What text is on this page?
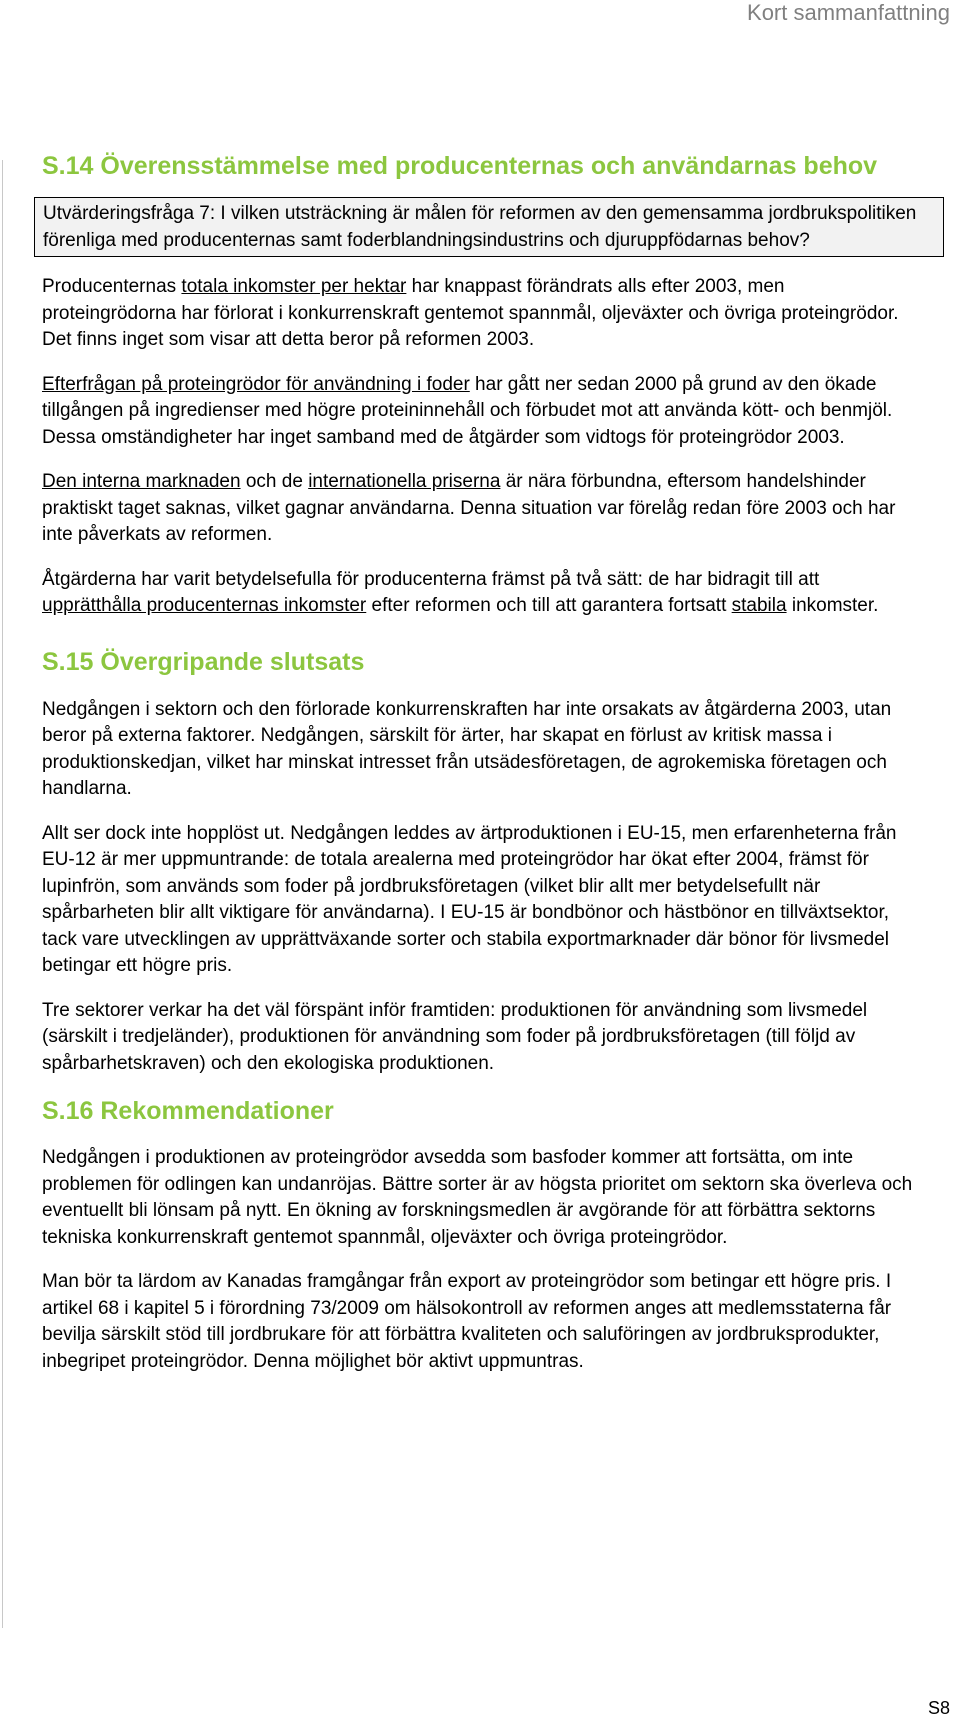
Kort sammanfattning
S.14 Överensstämmelse med producenternas och användarnas behov
Utvärderingsfråga 7: I vilken utsträckning är målen för reformen av den gemensamma jordbrukspolitiken förenliga med producenternas samt foderblandningsindustrins och djuruppfödarnas behov?

Producenternas totala inkomster per hektar har knappast förändrats alls efter 2003, men proteingrödorna har förlorat i konkurrenskraft gentemot spannmål, oljeväxter och övriga proteingrödor. Det finns inget som visar att detta beror på reformen 2003.

Efterfrågan på proteingrödor för användning i foder har gått ner sedan 2000 på grund av den ökade tillgången på ingredienser med högre proteininnehåll och förbudet mot att använda kött- och benmjöl. Dessa omständigheter har inget samband med de åtgärder som vidtogs för proteingrödor 2003.

Den interna marknaden och de internationella priserna är nära förbundna, eftersom handelshinder praktiskt taget saknas, vilket gagnar användarna. Denna situation var förelåg redan före 2003 och har inte påverkats av reformen.

Åtgärderna har varit betydelsefulla för producenterna främst på två sätt: de har bidragit till att upprätthålla producenternas inkomster efter reformen och till att garantera fortsatt stabila inkomster.

S.15 Övergripande slutsats

Nedgången i sektorn och den förlorade konkurrenskraften har inte orsakats av åtgärderna 2003, utan beror på externa faktorer. Nedgången, särskilt för ärter, har skapat en förlust av kritisk massa i produktionskedjan, vilket har minskat intresset från utsädesföretagen, de agrokemiska företagen och handlarna.

Allt ser dock inte hopplöst ut. Nedgången leddes av ärtproduktionen i EU-15, men erfarenheterna från EU-12 är mer uppmuntrande: de totala arealerna med proteingrödor har ökat efter 2004, främst för lupinfrön, som används som foder på jordbruksföretagen (vilket blir allt mer betydelsefullt när spårbarheten blir allt viktigare för användarna). I EU-15 är bondbönor och hästbönor en tillväxtsektor, tack vare utvecklingen av upprättväxande sorter och stabila exportmarknader där bönor för livsmedel betingar ett högre pris.

Tre sektorer verkar ha det väl förspänt inför framtiden: produktionen för användning som livsmedel (särskilt i tredjeländer), produktionen för användning som foder på jordbruksföretagen (till följd av spårbarhetskraven) och den ekologiska produktionen.

S.16 Rekommendationer

Nedgången i produktionen av proteingrödor avsedda som basfoder kommer att fortsätta, om inte problemen för odlingen kan undanröjas. Bättre sorter är av högsta prioritet om sektorn ska överleva och eventuellt bli lönsam på nytt. En ökning av forskningsmedlen är avgörande för att förbättra sektorns tekniska konkurrenskraft gentemot spannmål, oljeväxter och övriga proteingrödor.

Man bör ta lärdom av Kanadas framgångar från export av proteingrödor som betingar ett högre pris. I artikel 68 i kapitel 5 i förordning 73/2009 om hälsokontroll av reformen anges att medlemsstaterna får bevilja särskilt stöd till jordbrukare för att förbättra kvaliteten och saluföringen av jordbruksprodukter, inbegripet proteingrödor. Denna möjlighet bör aktivt uppmuntras.

S8
